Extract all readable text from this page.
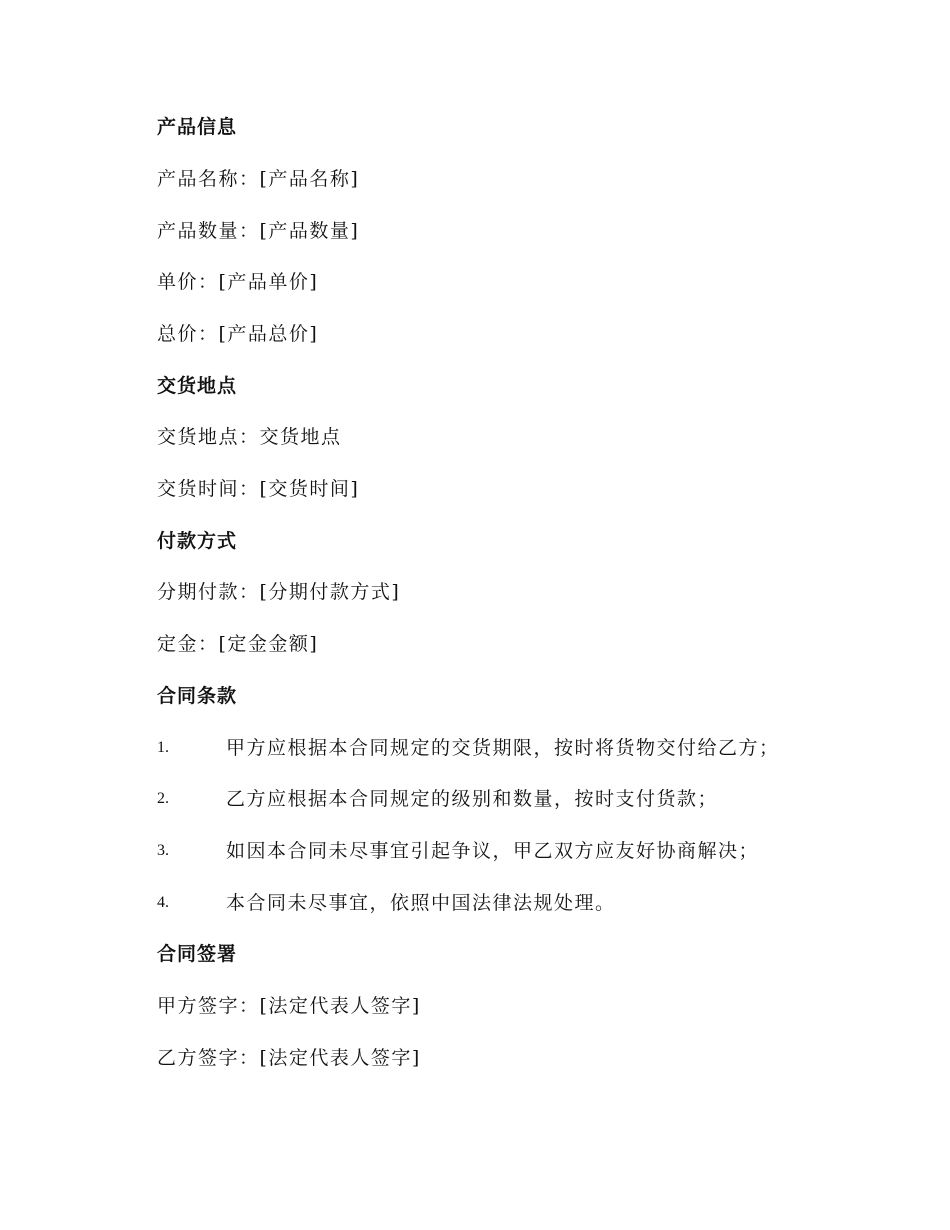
产品信息
产品名称：[产品名称]
产品数量：[产品数量]
单价：[产品单价]
总价：[产品总价]
交货地点
交货地点：交货地点
交货时间：[交货时间]
付款方式
分期付款：[分期付款方式]
定金：[定金金额]
合同条款
1.	甲方应根据本合同规定的交货期限，按时将货物交付给乙方；
2.	乙方应根据本合同规定的级别和数量，按时支付货款；
3.	如因本合同未尽事宜引起争议，甲乙双方应友好协商解决；
4.	本合同未尽事宜，依照中国法律法规处理。
合同签署
甲方签字：[法定代表人签字]
乙方签字：[法定代表人签字]
